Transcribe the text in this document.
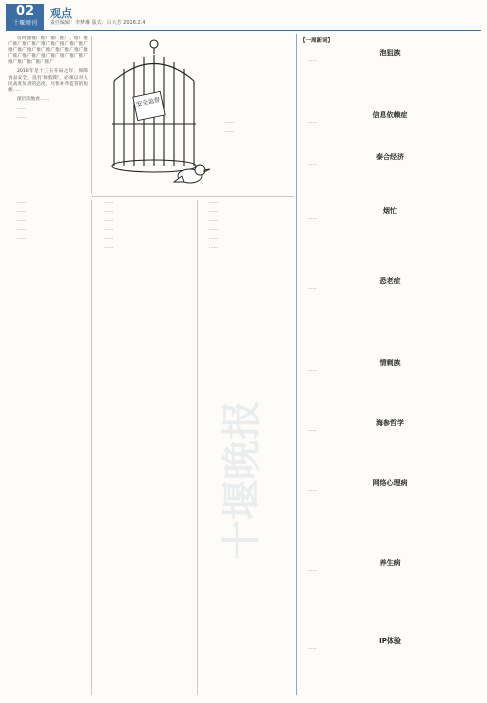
02
十堰周刊
观点
责任编辑：李梦琳 版式：吕大芳 2016.2.4
十堰晚报

仅何强推广推广推广推广、推广推广推广推广推广推广推广推广推广推广推广推广推广推广推广推广推广推广推广推广推广推广推广推广推广推广推广推广推广推广推广推广

2016年是十三五开局之年，保障食品安全，没有'休假期'，必须以对人民高度负责的态度，尽快补齐监管的短板……

深层次地看……

……

……

安全监督

……

……

……

……

……

……

……

……

……

……

……

……

……

……

……

……

……

……

……

【一周新词】
泡狙族

……

信息依赖症

……

泰合经济

……

烟忙

……

恐老症

……

情剩族

……

海参哲学

……

网络心理病

……

养生病

……

IP体验

……
